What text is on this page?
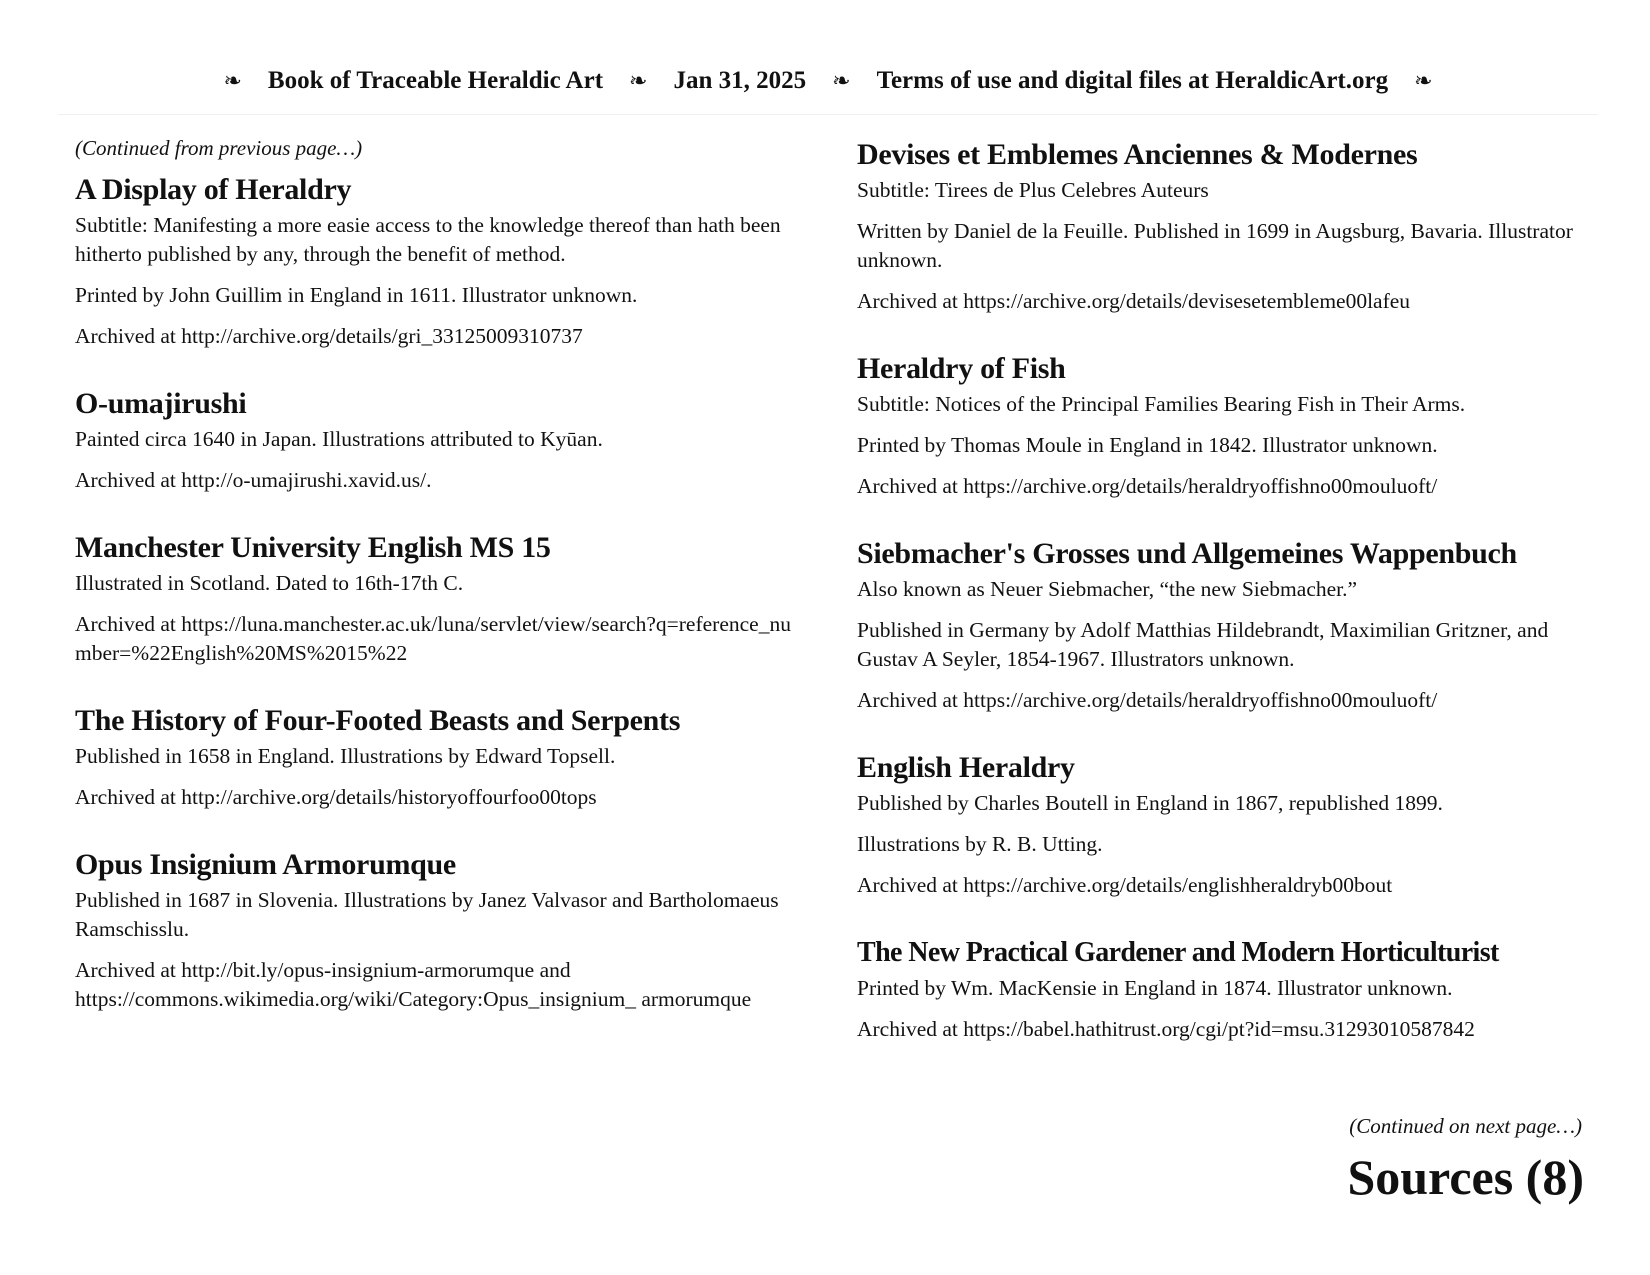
❧ Book of Traceable Heraldic Art ❧ Jan 31, 2025 ❧ Terms of use and digital files at HeraldicArt.org ❧
(Continued from previous page…)
A Display of Heraldry

Subtitle: Manifesting a more easie access to the knowledge thereof than hath been hitherto published by any, through the benefit of method.

Printed by John Guillim in England in 1611. Illustrator unknown.

Archived at http://archive.org/details/gri_33125009310737

O-umajirushi

Painted circa 1640 in Japan. Illustrations attributed to Kyūan.

Archived at http://o-umajirushi.xavid.us/.

Manchester University English MS 15

Illustrated in Scotland. Dated to 16th-17th C.

Archived at https://luna.manchester.ac.uk/luna/servlet/view/search?q=reference_number=%22English%20MS%2015%22

The History of Four-Footed Beasts and Serpents

Published in 1658 in England. Illustrations by Edward Topsell.

Archived at http://archive.org/details/historyoffourfoo00tops

Opus Insignium Armorumque

Published in 1687 in Slovenia. Illustrations by Janez Valvasor and Bartholomaeus Ramschisslu.

Archived at http://bit.ly/opus-insignium-armorumque and https://commons.wikimedia.org/wiki/Category:Opus_insignium_ armorumque

Devises et Emblemes Anciennes & Modernes

Subtitle: Tirees de Plus Celebres Auteurs

Written by Daniel de la Feuille. Published in 1699 in Augsburg, Bavaria. Illustrator unknown.

Archived at https://archive.org/details/devisesetembleme00lafeu

Heraldry of Fish

Subtitle: Notices of the Principal Families Bearing Fish in Their Arms.

Printed by Thomas Moule in England in 1842. Illustrator unknown.

Archived at https://archive.org/details/heraldryoffishno00mouluoft/

Siebmacher's Grosses und Allgemeines Wappenbuch

Also known as Neuer Siebmacher, “the new Siebmacher.”

Published in Germany by Adolf Matthias Hildebrandt, Maximilian Gritzner, and Gustav A Seyler, 1854-1967. Illustrators unknown.

Archived at https://archive.org/details/heraldryoffishno00mouluoft/

English Heraldry

Published by Charles Boutell in England in 1867, republished 1899.

Illustrations by R. B. Utting.

Archived at https://archive.org/details/englishheraldryb00bout

The New Practical Gardener and Modern Horticulturist

Printed by Wm. MacKensie in England in 1874. Illustrator unknown.

Archived at https://babel.hathitrust.org/cgi/pt?id=msu.31293010587842

(Continued on next page…)
Sources (8)
